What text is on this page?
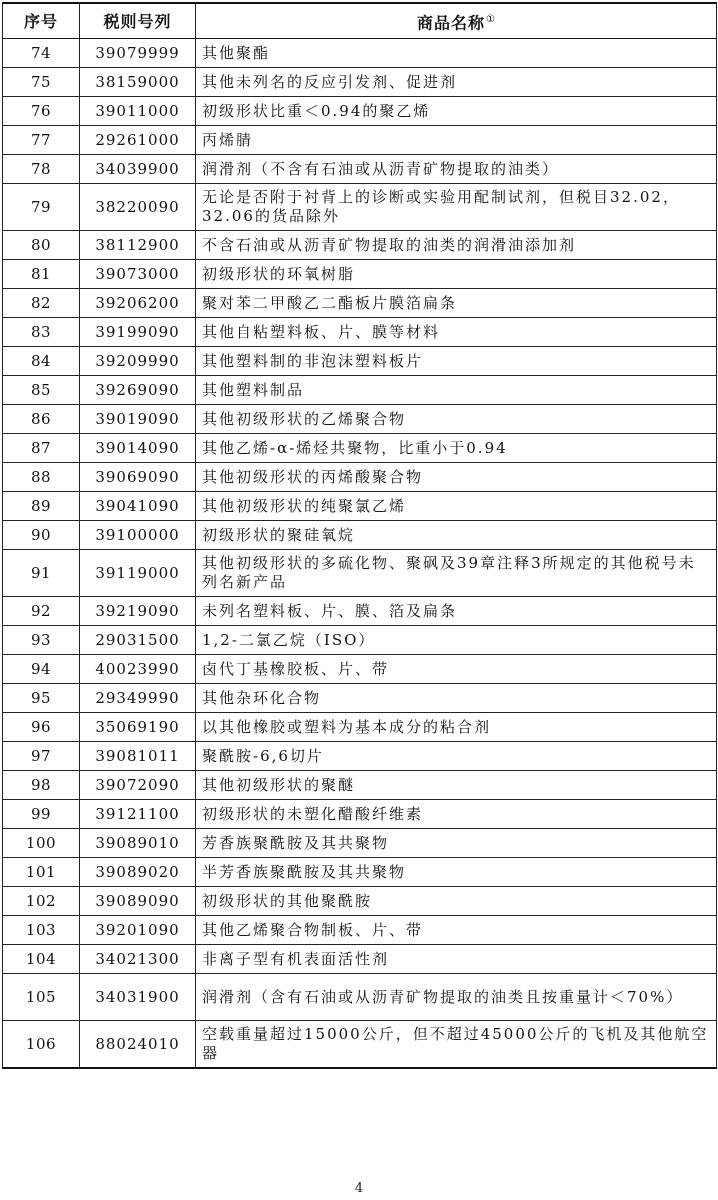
序号	税则号列	商品名称①
74	39079999	其他聚酯
75	38159000	其他未列名的反应引发剂、促进剂
76	39011000	初级形状比重＜0.94的聚乙烯
77	29261000	丙烯腈
78	34039900	润滑剂（不含有石油或从沥青矿物提取的油类）
79	38220090	无论是否附于衬背上的诊断或实验用配制试剂，但税目32.02，32.06的货品除外
80	38112900	不含石油或从沥青矿物提取的油类的润滑油添加剂
81	39073000	初级形状的环氧树脂
82	39206200	聚对苯二甲酸乙二酯板片膜箔扁条
83	39199090	其他自粘塑料板、片、膜等材料
84	39209990	其他塑料制的非泡沫塑料板片
85	39269090	其他塑料制品
86	39019090	其他初级形状的乙烯聚合物
87	39014090	其他乙烯-α-烯烃共聚物，比重小于0.94
88	39069090	其他初级形状的丙烯酸聚合物
89	39041090	其他初级形状的纯聚氯乙烯
90	39100000	初级形状的聚硅氧烷
91	39119000	其他初级形状的多硫化物、聚砜及39章注释3所规定的其他税号未列名新产品
92	39219090	未列名塑料板、片、膜、箔及扁条
93	29031500	1,2-二氯乙烷（ISO）
94	40023990	卤代丁基橡胶板、片、带
95	29349990	其他杂环化合物
96	35069190	以其他橡胶或塑料为基本成分的粘合剂
97	39081011	聚酰胺-6,6切片
98	39072090	其他初级形状的聚醚
99	39121100	初级形状的未塑化醋酸纤维素
100	39089010	芳香族聚酰胺及其共聚物
101	39089020	半芳香族聚酰胺及其共聚物
102	39089090	初级形状的其他聚酰胺
103	39201090	其他乙烯聚合物制板、片、带
104	34021300	非离子型有机表面活性剂
105	34031900	润滑剂（含有石油或从沥青矿物提取的油类且按重量计＜70%）
106	88024010	空载重量超过15000公斤，但不超过45000公斤的飞机及其他航空器
4
